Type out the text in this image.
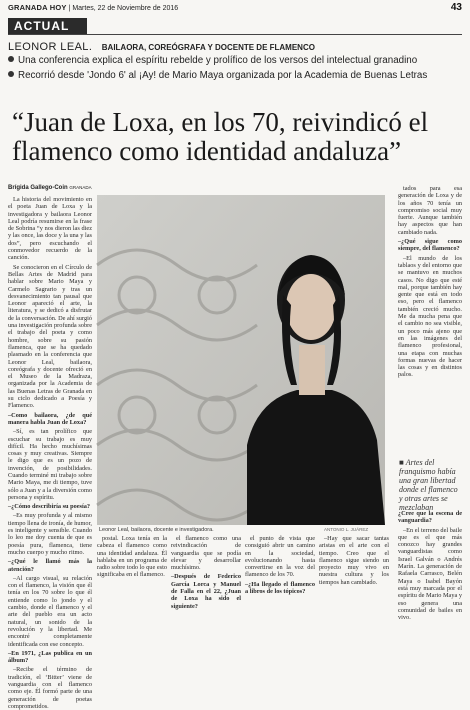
GRANADA HOY | Martes, 22 de Noviembre de 2016	43
ACTUAL
LEONOR LEAL. BAILAORA, COREÓGRAFA Y DOCENTE DE FLAMENCO
Una conferencia explica el espíritu rebelde y prolífico de los versos del intelectual granadino
Recorrió desde 'Jondo 6' al ¡Ay! de Mario Maya organizada por la Academia de Buenas Letras
“Juan de Loxa, en los 70, reivindicó el flamenco como identidad andaluza”
Brígida Gallego-Coin GRANADA

La historia del movimiento en el poeta Juan de Loxa y la investigadora y bailaora Leonor Leal podría resumirse en la frase de Sobrina “y nos dieron las diez y las once, las doce y la una y las dos”, pero escuchando el conmovedor recuerdo de la canción.

Se conocieron en el Círculo de Bellas Artes de Madrid para hablar sobre Mario Maya y Carmelo Sagrario y tras un desvanecimiento tan pausal que Leonor apareció el arte, la literatura, y se dedicó a disfrutar de la conversación. De ahí surgió una investigación profunda sobre el trabajo del poeta y como hombre, sobre su pasión flamenca, que se ha quedado plasmado en la conferencia que Leonor Leal, bailaora, coreógrafa y docente ofreció en el Museo de la Madraza, organizada por la Academia de las Buenas Letras de Granada en su ciclo dedicado a Poesía y Flamenco.

–Como bailaora, ¿de qué manera habla Juan de Loxa?

–Sí, es tan prolífico que escuchar su trabajo es muy difícil. Ha hecho muchísimas cosas y muy creativas. Siempre le digo que es un pozo de invención, de posibilidades. Cuando terminé mi trabajo sobre Mario Maya, me di tiempo, tuve sólo a Juan y a la diversión como persona y espíritu.

–¿Cómo describiría su poesía?

–Es muy profunda y al mismo tiempo llena de ironía, de humor, es inteligente y sensible. Cuando lo leo me doy cuenta de que es poesía pura, flamenca, tiene mucho cuerpo y mucho ritmo.

–¿Qué le llamó más la atención?

–Al cargo visual, su relación con el flamenco, la visión que él tenía en los 70 sobre lo que él entiende como lo jondo y el cambio, donde el flamenco y el arte del pueblo era un acto natural, un sonido de la revolución y la libertad. Me encontré completamente identificada con ese concepto.

–En 1971, ¿Las publica en un álbum?

–Recibe el término de tradición, el ‘Bitter’ viene de vanguardia con el flamenco como eje. Él formó parte de una generación de poetas comprometidos.

Leonor Leal, bailaora, docente e investigadora.	ANTONIO L. JUÁREZ

tados para esa generación de Loxa y de los años 70 tenía un compromiso social muy fuerte. Aunque también hay aspectos que han cambiado nada.

–¿Qué sigue como siempre, del flamenco?

–El mundo de los tablaos y del entorno que se mantuvo en muchos casos. No digo que esté mal, porque también hay gente que está en todo eso, pero el flamenco también creció mucho. Me da mucha pena que el cambio no sea visible, un poco más ajeno que en las imágenes del flamenco profesional, una etapa con muchas formas nuevas de hacer las cosas y en distintos palos.

■ Artes del franquismo había una gran libertad donde el flamenco y otras artes se mezclaban

¿Cree que la escena de vanguardia?

–En el terreno del baile que es el que más conozco hay grandes vanguardistas como Israel Galván o Andrés Marín. La generación de Rafaela Carrasco, Belén Maya o Isabel Bayón está muy marcada por el espíritu de Mario Maya y eso genera una comunidad de bailes en vivo.

postal. Loxa tenía en la cabeza el flamenco como una identidad andaluza. Él hablaba en un programa de radio sobre todo lo que esto significaba en el flamenco.

el flamenco como una reivindicación de vanguardia que se podía elevar y desarrollar muchísimo.

–Después de Federico García Lorca y Manuel de Falla en el 22, ¿Juan de Loxa ha sido el siguiente?

el punto de vista que consiguió abrir un camino en la sociedad, evolucionando hasta convertirse en la voz del flamenco de los 70.

–¿Ha llegado el flamenco a libros de los tópicos?

–Hay que sacar tantas aristas en el arte con el tiempo. Creo que el flamenco sigue siendo un proyecto muy vivo en nuestra cultura y los tiempos han cambiado.
